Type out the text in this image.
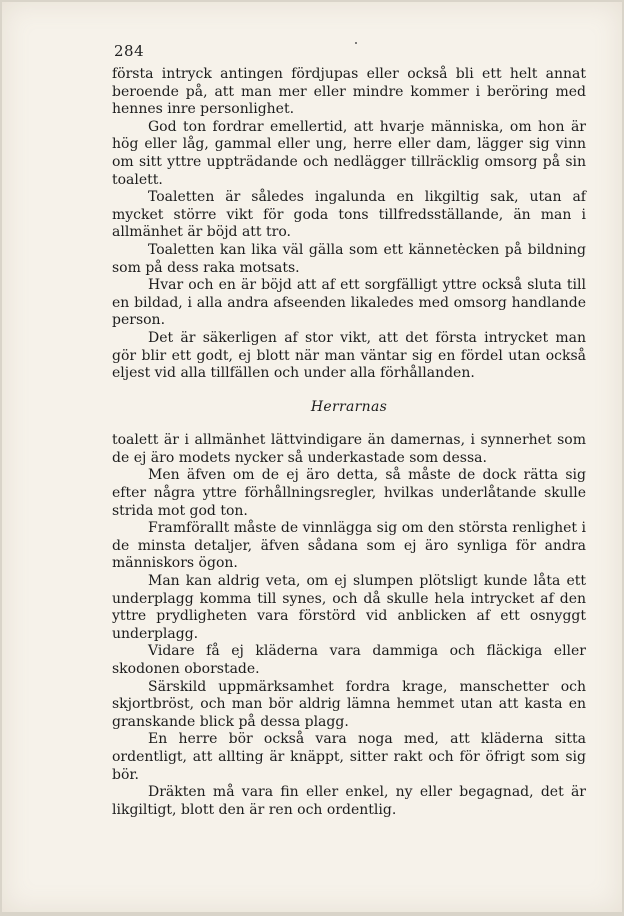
284

första intryck antingen fördjupas eller också bli ett helt annat beroende på, att man mer eller mindre kommer i beröring med hennes inre personlighet.

God ton fordrar emellertid, att hvarje människa, om hon är hög eller låg, gammal eller ung, herre eller dam, lägger sig vinn om sitt yttre uppträdande och nedlägger tillräcklig omsorg på sin toalett.

Toaletten är således ingalunda en likgiltig sak, utan af mycket större vikt för goda tons tillfredsställande, än man i allmänhet är böjd att tro.

Toaletten kan lika väl gälla som ett kännetecken på bildning som på dess raka motsats.

Hvar och en är böjd att af ett sorgfälligt yttre också sluta till en bildad, i alla andra afseenden likaledes med omsorg handlande person.

Det är säkerligen af stor vikt, att det första intrycket man gör blir ett godt, ej blott när man väntar sig en fördel utan också eljest vid alla tillfällen och under alla förhållanden.

Herrarnas

toalett är i allmänhet lättvindigare än damernas, i synnerhet som de ej äro modets nycker så underkastade som dessa.

Men äfven om de ej äro detta, så måste de dock rätta sig efter några yttre förhållningsregler, hvilkas underlåtande skulle strida mot god ton.

Framförallt måste de vinnlägga sig om den största renlighet i de minsta detaljer, äfven sådana som ej äro synliga för andra människors ögon.

Man kan aldrig veta, om ej slumpen plötsligt kunde låta ett underplagg komma till synes, och då skulle hela intrycket af den yttre prydligheten vara förstörd vid anblicken af ett osnyggt underplagg.

Vidare få ej kläderna vara dammiga och fläckiga eller skodonen oborstade.

Särskild uppmärksamhet fordra krage, manschetter och skjortbröst, och man bör aldrig lämna hemmet utan att kasta en granskande blick på dessa plagg.

En herre bör också vara noga med, att kläderna sitta ordentligt, att allting är knäppt, sitter rakt och för öfrigt som sig bör.

Dräkten må vara fin eller enkel, ny eller begagnad, det är likgiltigt, blott den är ren och ordentlig.
